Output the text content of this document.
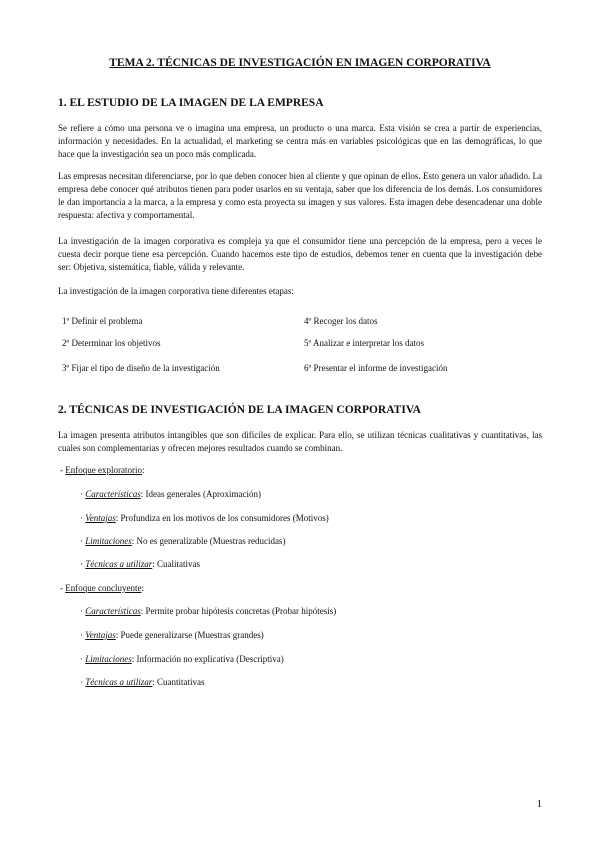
TEMA 2. TÉCNICAS DE INVESTIGACIÓN EN IMAGEN CORPORATIVA
1. EL ESTUDIO DE LA IMAGEN DE LA EMPRESA
Se refiere a cómo una persona ve o imagina una empresa, un producto o una marca. Esta visión se crea a partir de experiencias, información y necesidades. En la actualidad, el marketing se centra más en variables psicológicas que en las demográficas, lo que hace que la investigación sea un poco más complicada.
Las empresas necesitan diferenciarse, por lo que deben conocer bien al cliente y que opinan de ellos. Esto genera un valor añadido. La empresa debe conocer qué atributos tienen para poder usarlos en su ventaja, saber que los diferencia de los demás. Los consumidores le dan importancia a la marca, a la empresa y como esta proyecta su imagen y sus valores. Esta imagen debe desencadenar una doble respuesta: afectiva y comportamental.
La investigación de la imagen corporativa es compleja ya que el consumidor tiene una percepción de la empresa, pero a veces le cuesta decir porque tiene esa percepción. Cuando hacemos este tipo de estudios, debemos tener en cuenta que la investigación debe ser: Objetiva, sistemática, fiable, válida y relevante.
La investigación de la imagen corporativa tiene diferentes etapas:
1º Definir el problema
2º Determinar los objetivos
3º Fijar el tipo de diseño de la investigación
4º Recoger los datos
5º Analizar e interpretar los datos
6º Presentar el informe de investigación
2. TÉCNICAS DE INVESTIGACIÓN DE LA IMAGEN CORPORATIVA
La imagen presenta atributos intangibles que son difíciles de explicar. Para ello, se utilizan técnicas cualitativas y cuantitativas, las cuales son complementarias y ofrecen mejores resultados cuando se combinan.
- Enfoque exploratorio:
· Características: Ideas generales (Aproximación)
· Ventajas: Profundiza en los motivos de los consumidores (Motivos)
· Limitaciones: No es generalizable (Muestras reducidas)
· Técnicas a utilizar: Cualitativas
- Enfoque concluyente:
· Características: Permite probar hipótesis concretas (Probar hipótesis)
· Ventajas: Puede generalizarse (Muestras grandes)
· Limitaciones: Información no explicativa (Descriptiva)
· Técnicas a utilizar: Cuantitativas
1
